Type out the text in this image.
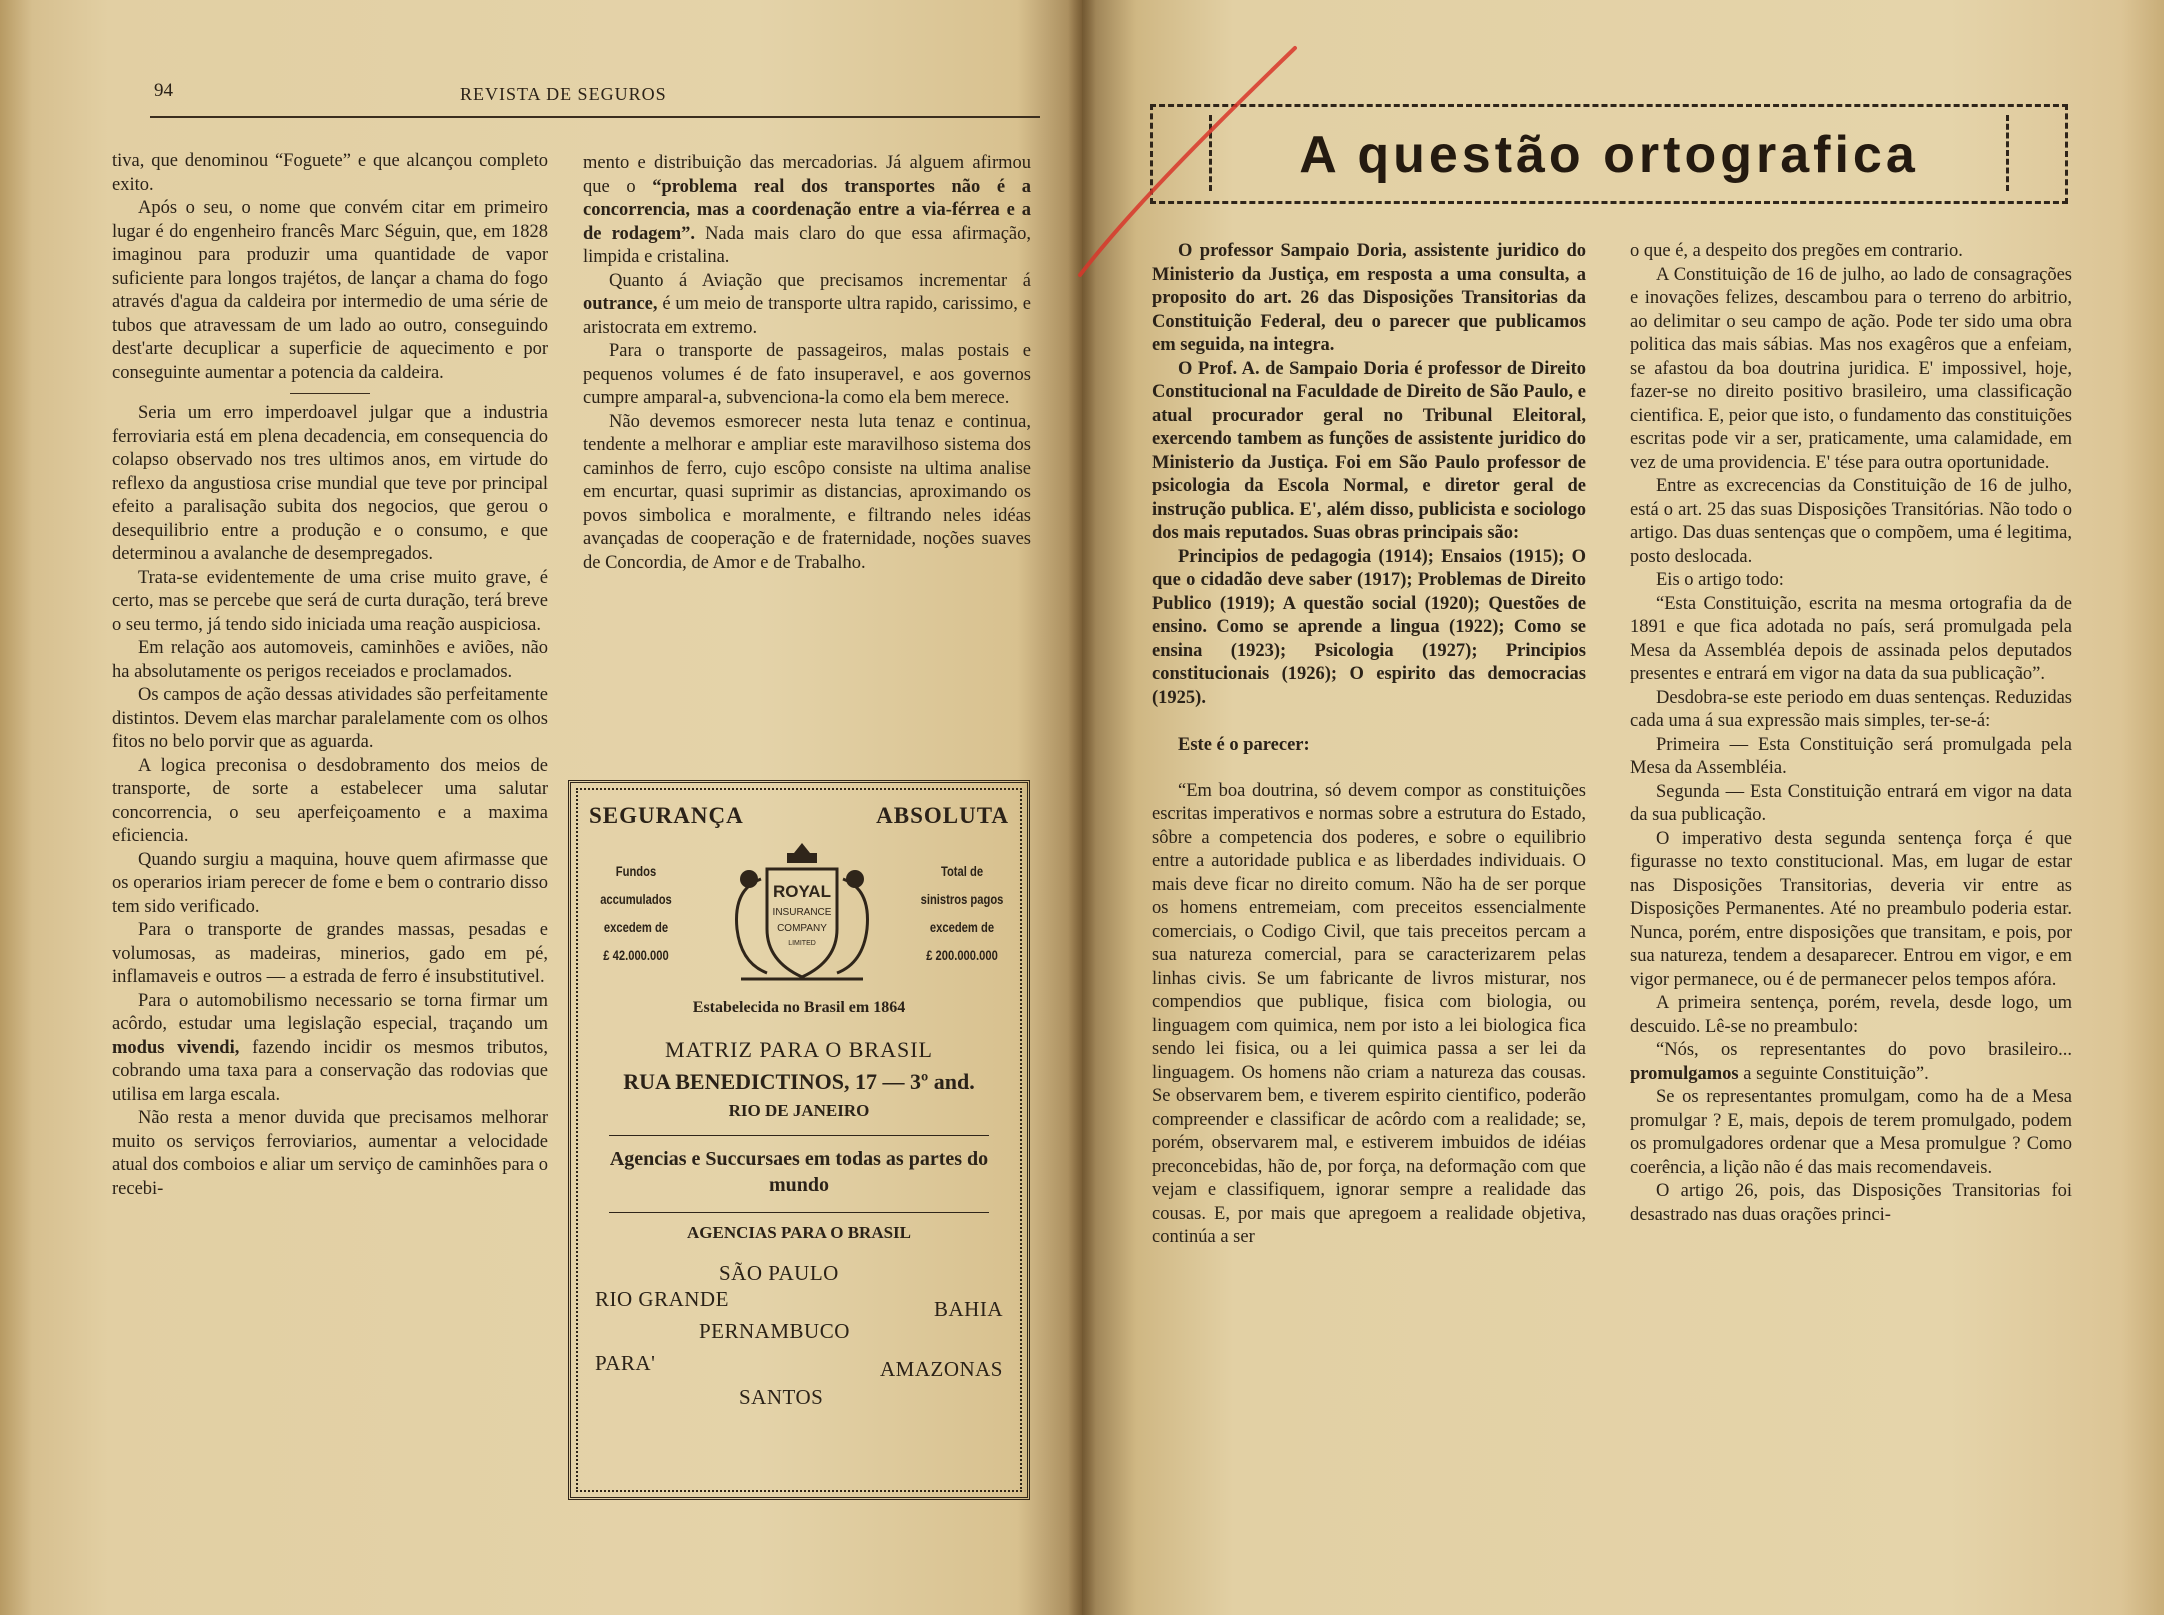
94	REVISTA DE SEGUROS

tiva, que denominou “Foguete” e que alcançou completo exito.

Após o seu, o nome que convém citar em primeiro lugar é do engenheiro francês Marc Séguin, que, em 1828 imaginou para produzir uma quantidade de vapor suficiente para longos trajétos, de lançar a chama do fogo através d'agua da caldeira por intermedio de uma série de tubos que atravessam de um lado ao outro, conseguindo dest'arte decuplicar a superficie de aquecimento e por conseguinte aumentar a potencia da caldeira.

Seria um erro imperdoavel julgar que a industria ferroviaria está em plena decadencia, em consequencia do colapso observado nos tres ultimos anos, em virtude do reflexo da angustiosa crise mundial que teve por principal efeito a paralisação subita dos negocios, que gerou o desequilibrio entre a produção e o consumo, e que determinou a avalanche de desempregados.

Trata-se evidentemente de uma crise muito grave, é certo, mas se percebe que será de curta duração, terá breve o seu termo, já tendo sido iniciada uma reação auspiciosa.

Em relação aos automoveis, caminhões e aviões, não ha absolutamente os perigos receiados e proclamados.

Os campos de ação dessas atividades são perfeitamente distintos. Devem elas marchar paralelamente com os olhos fitos no belo porvir que as aguarda.

A logica preconisa o desdobramento dos meios de transporte, de sorte a estabelecer uma salutar concorrencia, o seu aperfeiçoamento e a maxima eficiencia.

Quando surgiu a maquina, houve quem afirmasse que os operarios iriam perecer de fome e bem o contrario disso tem sido verificado.

Para o transporte de grandes massas, pesadas e volumosas, as madeiras, minerios, gado em pé, inflamaveis e outros — a estrada de ferro é insubstitutivel.

Para o automobilismo necessario se torna firmar um acôrdo, estudar uma legislação especial, traçando um modus vivendi, fazendo incidir os mesmos tributos, cobrando uma taxa para a conservação das rodovias que utilisa em larga escala.

Não resta a menor duvida que precisamos melhorar muito os serviços ferroviarios, aumentar a velocidade atual dos comboios e aliar um serviço de caminhões para o recebi-

mento e distribuição das mercadorias. Já alguem afirmou que o “problema real dos transportes não é a concorrencia, mas a coordenação entre a via-férrea e a de rodagem”. Nada mais claro do que essa afirmação, limpida e cristalina.

Quanto á Aviação que precisamos incrementar á outrance, é um meio de transporte ultra rapido, carissimo, e aristocrata em extremo.

Para o transporte de passageiros, malas postais e pequenos volumes é de fato insuperavel, e aos governos cumpre amparal-a, subvenciona-la como ela bem merece.

Não devemos esmorecer nesta luta tenaz e continua, tendente a melhorar e ampliar este maravilhoso sistema dos caminhos de ferro, cujo escôpo consiste na ultima analise em encurtar, quasi suprimir as distancias, aproximando os povos simbolica e moralmente, e filtrando neles idéas avançadas de cooperação e de fraternidade, noções suaves de Concordia, de Amor e de Trabalho.

SEGURANÇA	ABSOLUTA
Fundos
accumulados
excedem de
£ 42.000.000
ROYAL
INSURANCE
COMPANY
LIMITED
Total de
sinistros pagos
excedem de
£ 200.000.000
Estabelecida no Brasil em 1864
MATRIZ PARA O BRASIL
RUA BENEDICTINOS, 17 — 3º and.
RIO DE JANEIRO
Agencias e Succursaes em todas as partes do mundo
AGENCIAS PARA O BRASIL
SÃO PAULO
RIO GRANDE	BAHIA
PERNAMBUCO
PARA'	AMAZONAS
SANTOS
A questão ortografica

O professor Sampaio Doria, assistente juridico do Ministerio da Justiça, em resposta a uma consulta, a proposito do art. 26 das Disposições Transitorias da Constituição Federal, deu o parecer que publicamos em seguida, na integra.

O Prof. A. de Sampaio Doria é professor de Direito Constitucional na Faculdade de Direito de São Paulo, e atual procurador geral no Tribunal Eleitoral, exercendo tambem as funções de assistente juridico do Ministerio da Justiça. Foi em São Paulo professor de psicologia da Escola Normal, e diretor geral de instrução publica. E', além disso, publicista e sociologo dos mais reputados. Suas obras principais são:

Principios de pedagogia (1914); Ensaios (1915); O que o cidadão deve saber (1917); Problemas de Direito Publico (1919); A questão social (1920); Questões de ensino. Como se aprende a lingua (1922); Como se ensina (1923); Psicologia (1927); Principios constitucionais (1926); O espirito das democracias (1925).

Este é o parecer:

“Em boa doutrina, só devem compor as constituições escritas imperativos e normas sobre a estrutura do Estado, sôbre a competencia dos poderes, e sobre o equilibrio entre a autoridade publica e as liberdades individuais. O mais deve ficar no direito comum. Não ha de ser porque os homens entremeiam, com preceitos essencialmente comerciais, o Codigo Civil, que tais preceitos percam a sua natureza comercial, para se caracterizarem pelas linhas civis. Se um fabricante de livros misturar, nos compendios que publique, fisica com biologia, ou linguagem com quimica, nem por isto a lei biologica fica sendo lei fisica, ou a lei quimica passa a ser lei da linguagem. Os homens não criam a natureza das cousas. Se observarem bem, e tiverem espirito cientifico, poderão compreender e classificar de acôrdo com a realidade; se, porém, observarem mal, e estiverem imbuidos de idéias preconcebidas, hão de, por força, na deformação com que vejam e classifiquem, ignorar sempre a realidade das cousas. E, por mais que apregoem a realidade objetiva, continúa a ser

o que é, a despeito dos pregões em contrario.

A Constituição de 16 de julho, ao lado de consagrações e inovações felizes, descambou para o terreno do arbitrio, ao delimitar o seu campo de ação. Pode ter sido uma obra politica das mais sábias. Mas nos exagêros que a enfeiam, se afastou da boa doutrina juridica. E' impossivel, hoje, fazer-se no direito positivo brasileiro, uma classificação cientifica. E, peior que isto, o fundamento das constituições escritas pode vir a ser, praticamente, uma calamidade, em vez de uma providencia. E' tése para outra oportunidade.

Entre as excrecencias da Constituição de 16 de julho, está o art. 25 das suas Disposições Transitórias. Não todo o artigo. Das duas sentenças que o compõem, uma é legitima, posto deslocada.

Eis o artigo todo:

“Esta Constituição, escrita na mesma ortografia da de 1891 e que fica adotada no país, será promulgada pela Mesa da Assembléa depois de assinada pelos deputados presentes e entrará em vigor na data da sua publicação”.

Desdobra-se este periodo em duas sentenças. Reduzidas cada uma á sua expressão mais simples, ter-se-á:

Primeira — Esta Constituição será promulgada pela Mesa da Assembléia.

Segunda — Esta Constituição entrará em vigor na data da sua publicação.

O imperativo desta segunda sentença força é que figurasse no texto constitucional. Mas, em lugar de estar nas Disposições Transitorias, deveria vir entre as Disposições Permanentes. Até no preambulo poderia estar. Nunca, porém, entre disposições que transitam, e pois, por sua natureza, tendem a desaparecer. Entrou em vigor, e em vigor permanece, ou é de permanecer pelos tempos afóra.

A primeira sentença, porém, revela, desde logo, um descuido. Lê-se no preambulo:

“Nós, os representantes do povo brasileiro... promulgamos a seguinte Constituição”.

Se os representantes promulgam, como ha de a Mesa promulgar ? E, mais, depois de terem promulgado, podem os promulgadores ordenar que a Mesa promulgue ? Como coerência, a lição não é das mais recomendaveis.

O artigo 26, pois, das Disposições Transitorias foi desastrado nas duas orações princi-
